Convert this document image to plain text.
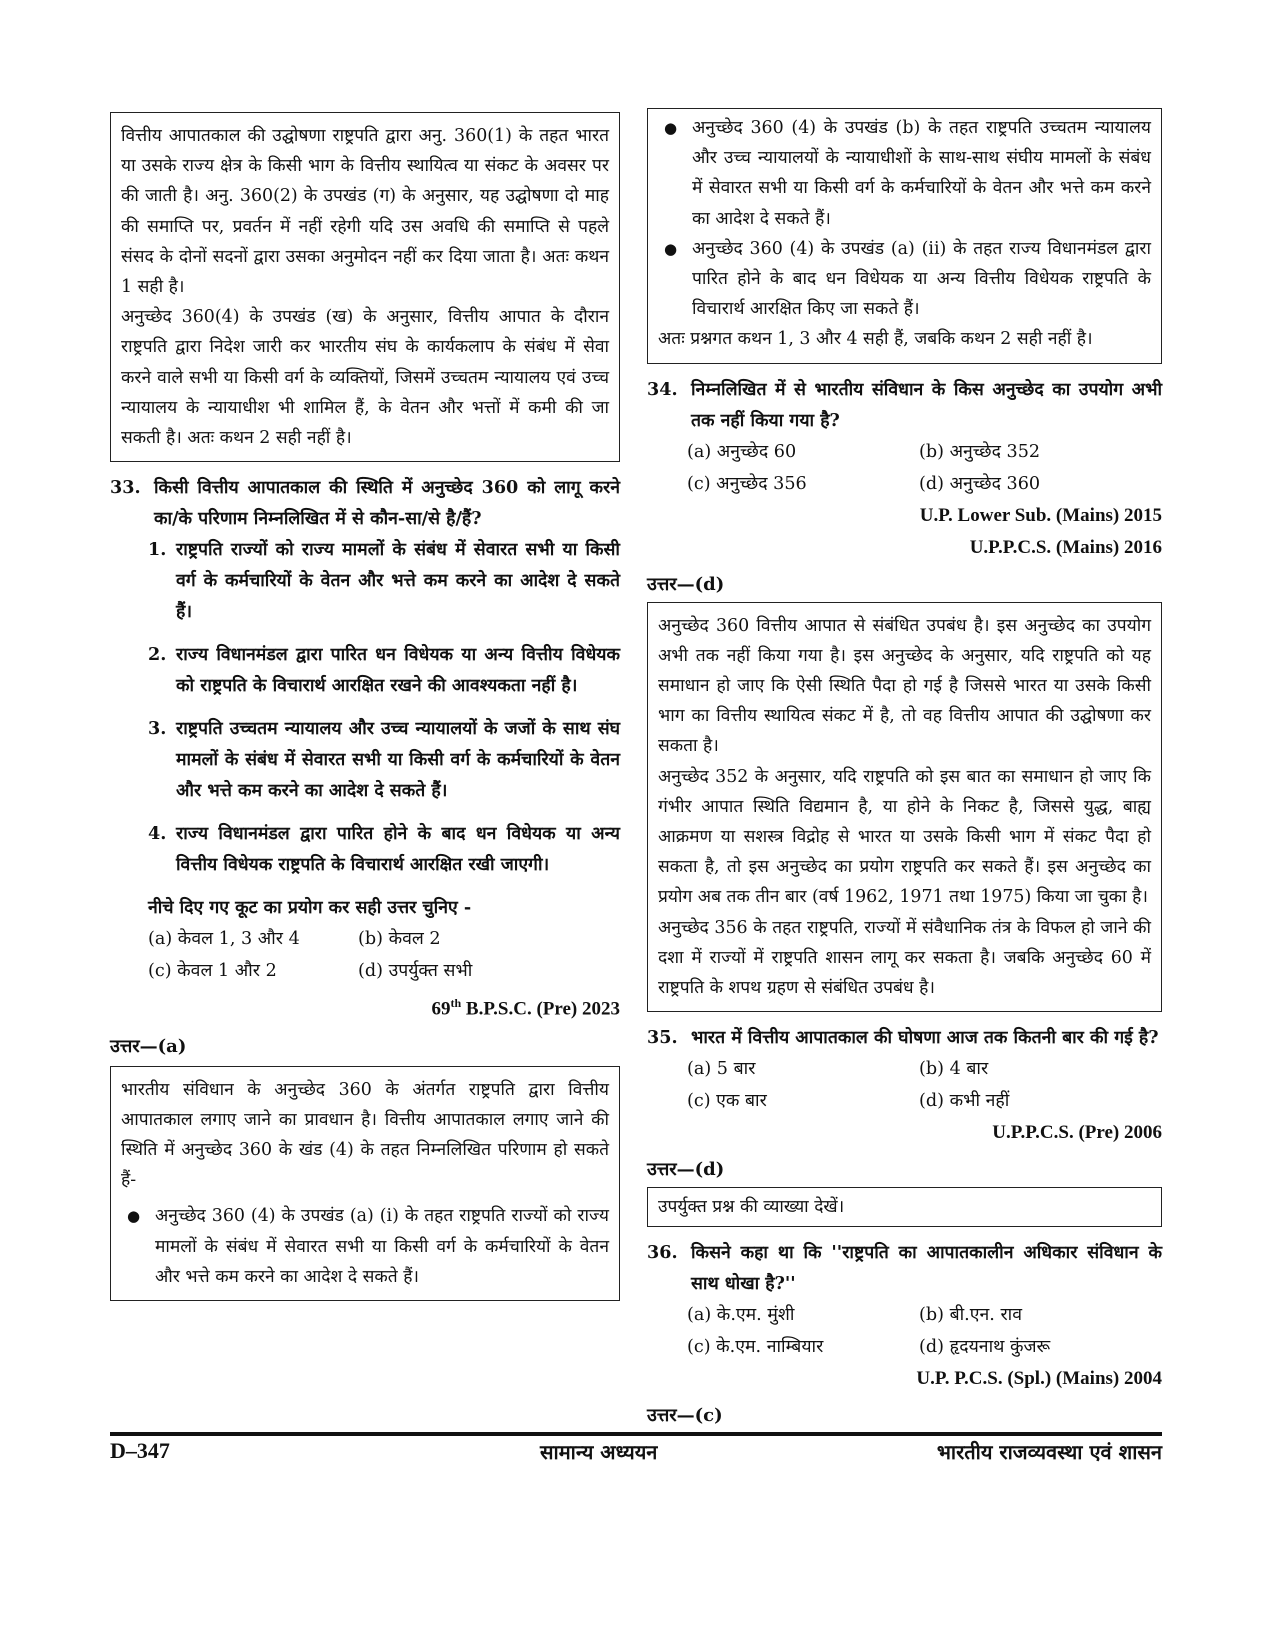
वित्तीय आपातकाल की उद्घोषणा राष्ट्रपति द्वारा अनु. 360(1) के तहत भारत या उसके राज्य क्षेत्र के किसी भाग के वित्तीय स्थायित्व या संकट के अवसर पर की जाती है। अनु. 360(2) के उपखंड (ग) के अनुसार, यह उद्घोषणा दो माह की समाप्ति पर, प्रवर्तन में नहीं रहेगी यदि उस अवधि की समाप्ति से पहले संसद के दोनों सदनों द्वारा उसका अनुमोदन नहीं कर दिया जाता है। अतः कथन 1 सही है।

अनुच्छेद 360(4) के उपखंड (ख) के अनुसार, वित्तीय आपात के दौरान राष्ट्रपति द्वारा निदेश जारी कर भारतीय संघ के कार्यकलाप के संबंध में सेवा करने वाले सभी या किसी वर्ग के व्यक्तियों, जिसमें उच्चतम न्यायालय एवं उच्च न्यायालय के न्यायाधीश भी शामिल हैं, के वेतन और भत्तों में कमी की जा सकती है। अतः कथन 2 सही नहीं है।

33. किसी वित्तीय आपातकाल की स्थिति में अनुच्छेद 360 को लागू करने का/के परिणाम निम्नलिखित में से कौन-सा/से है/हैं?
1. राष्ट्रपति राज्यों को राज्य मामलों के संबंध में सेवारत सभी या किसी वर्ग के कर्मचारियों के वेतन और भत्ते कम करने का आदेश दे सकते हैं।
2. राज्य विधानमंडल द्वारा पारित धन विधेयक या अन्य वित्तीय विधेयक को राष्ट्रपति के विचारार्थ आरक्षित रखने की आवश्यकता नहीं है।
3. राष्ट्रपति उच्चतम न्यायालय और उच्च न्यायालयों के जजों के साथ संघ मामलों के संबंध में सेवारत सभी या किसी वर्ग के कर्मचारियों के वेतन और भत्ते कम करने का आदेश दे सकते हैं।
4. राज्य विधानमंडल द्वारा पारित होने के बाद धन विधेयक या अन्य वित्तीय विधेयक राष्ट्रपति के विचारार्थ आरक्षित रखी जाएगी।
नीचे दिए गए कूट का प्रयोग कर सही उत्तर चुनिए -
(a) केवल 1, 3 और 4	(b) केवल 2
(c) केवल 1 और 2	(d) उपर्युक्त सभी
69th B.P.S.C. (Pre) 2023
उत्तर—(a)

भारतीय संविधान के अनुच्छेद 360 के अंतर्गत राष्ट्रपति द्वारा वित्तीय आपातकाल लगाए जाने का प्रावधान है। वित्तीय आपातकाल लगाए जाने की स्थिति में अनुच्छेद 360 के खंड (4) के तहत निम्नलिखित परिणाम हो सकते हैं-

● अनुच्छेद 360 (4) के उपखंड (a) (i) के तहत राष्ट्रपति राज्यों को राज्य मामलों के संबंध में सेवारत सभी या किसी वर्ग के कर्मचारियों के वेतन और भत्ते कम करने का आदेश दे सकते हैं।
● अनुच्छेद 360 (4) के उपखंड (b) के तहत राष्ट्रपति उच्चतम न्यायालय और उच्च न्यायालयों के न्यायाधीशों के साथ-साथ संघीय मामलों के संबंध में सेवारत सभी या किसी वर्ग के कर्मचारियों के वेतन और भत्ते कम करने का आदेश दे सकते हैं।
● अनुच्छेद 360 (4) के उपखंड (a) (ii) के तहत राज्य विधानमंडल द्वारा पारित होने के बाद धन विधेयक या अन्य वित्तीय विधेयक राष्ट्रपति के विचारार्थ आरक्षित किए जा सकते हैं।

अतः प्रश्नगत कथन 1, 3 और 4 सही हैं, जबकि कथन 2 सही नहीं है।

34. निम्नलिखित में से भारतीय संविधान के किस अनुच्छेद का उपयोग अभी तक नहीं किया गया है?
(a) अनुच्छेद 60	(b) अनुच्छेद 352
(c) अनुच्छेद 356	(d) अनुच्छेद 360
U.P. Lower Sub. (Mains) 2015
U.P.P.C.S. (Mains) 2016
उत्तर—(d)

अनुच्छेद 360 वित्तीय आपात से संबंधित उपबंध है। इस अनुच्छेद का उपयोग अभी तक नहीं किया गया है। इस अनुच्छेद के अनुसार, यदि राष्ट्रपति को यह समाधान हो जाए कि ऐसी स्थिति पैदा हो गई है जिससे भारत या उसके किसी भाग का वित्तीय स्थायित्व संकट में है, तो वह वित्तीय आपात की उद्घोषणा कर सकता है।

अनुच्छेद 352 के अनुसार, यदि राष्ट्रपति को इस बात का समाधान हो जाए कि गंभीर आपात स्थिति विद्यमान है, या होने के निकट है, जिससे युद्ध, बाह्य आक्रमण या सशस्त्र विद्रोह से भारत या उसके किसी भाग में संकट पैदा हो सकता है, तो इस अनुच्छेद का प्रयोग राष्ट्रपति कर सकते हैं। इस अनुच्छेद का प्रयोग अब तक तीन बार (वर्ष 1962, 1971 तथा 1975) किया जा चुका है।

अनुच्छेद 356 के तहत राष्ट्रपति, राज्यों में संवैधानिक तंत्र के विफल हो जाने की दशा में राज्यों में राष्ट्रपति शासन लागू कर सकता है। जबकि अनुच्छेद 60 में राष्ट्रपति के शपथ ग्रहण से संबंधित उपबंध है।

35. भारत में वित्तीय आपातकाल की घोषणा आज तक कितनी बार की गई है?
(a) 5 बार	(b) 4 बार
(c) एक बार	(d) कभी नहीं
U.P.P.C.S. (Pre) 2006
उत्तर—(d)

उपर्युक्त प्रश्न की व्याख्या देखें।

36. किसने कहा था कि ''राष्ट्रपति का आपातकालीन अधिकार संविधान के साथ धोखा है?''
(a) के.एम. मुंशी	(b) बी.एन. राव
(c) के.एम. नाम्बियार	(d) हृदयनाथ कुंजरू
U.P. P.C.S. (Spl.) (Mains) 2004
उत्तर—(c)
D–347	सामान्य अध्ययन	भारतीय राजव्यवस्था एवं शासन
